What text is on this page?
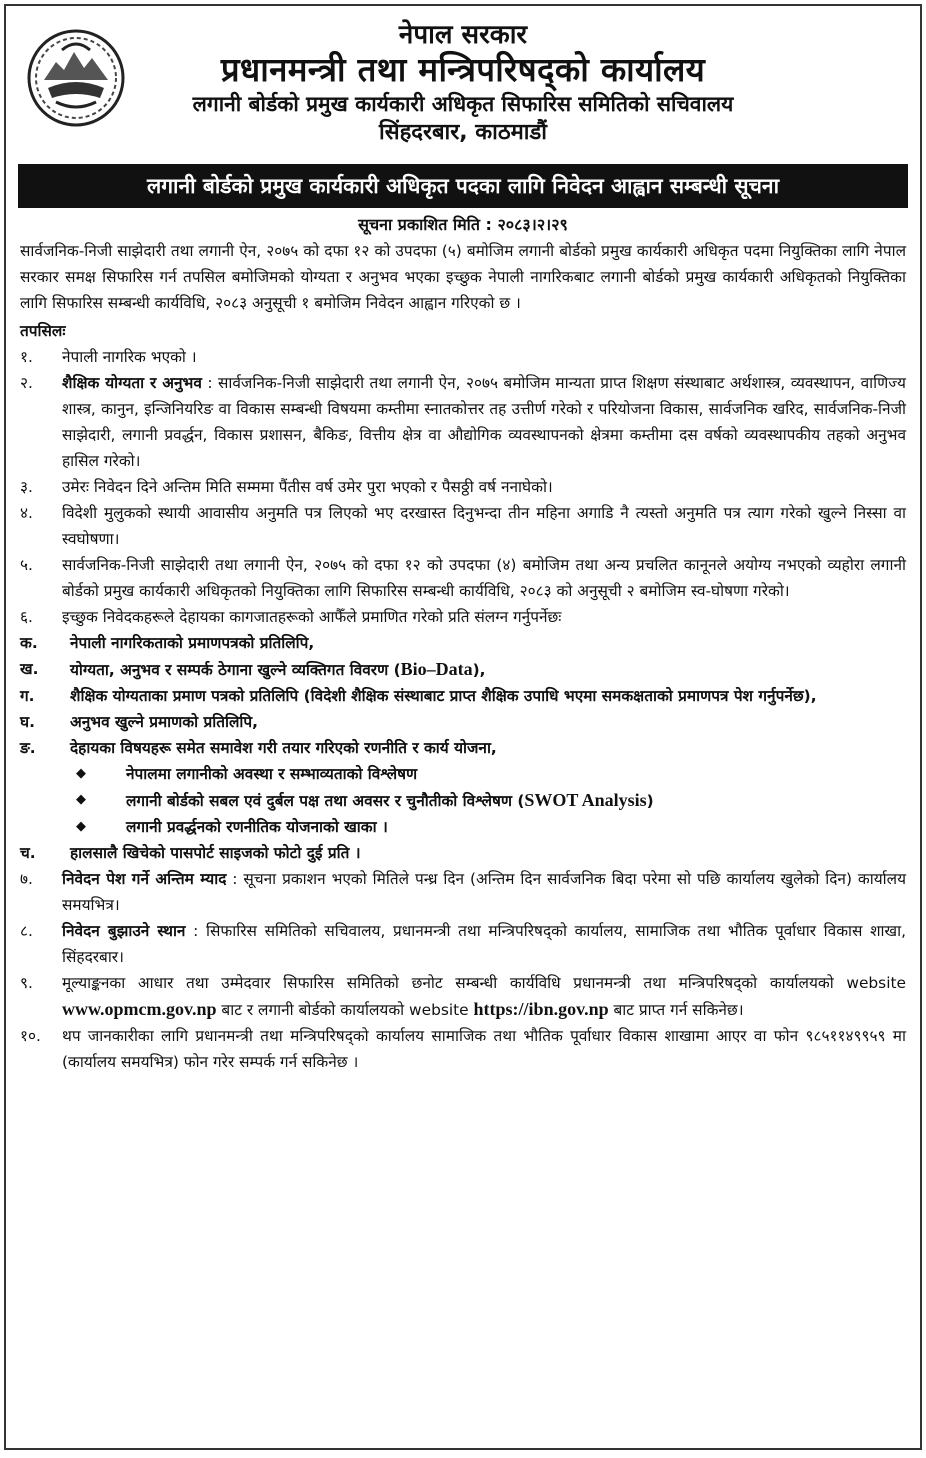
नेपाल सरकार
प्रधानमन्त्री तथा मन्त्रिपरिषद्को कार्यालय
लगानी बोर्डको प्रमुख कार्यकारी अधिकृत सिफारिस समितिको सचिवालय
सिंहदरबार, काठमाडौं
लगानी बोर्डको प्रमुख कार्यकारी अधिकृत पदका लागि निवेदन आह्वान सम्बन्धी सूचना
सूचना प्रकाशित मिति : २०८३।२।२९

सार्वजनिक-निजी साझेदारी तथा लगानी ऐन, २०७५ को दफा १२ को उपदफा (५) बमोजिम लगानी बोर्डको प्रमुख कार्यकारी अधिकृत पदमा नियुक्तिका लागि नेपाल सरकार समक्ष सिफारिस गर्न तपसिल बमोजिमको योग्यता र अनुभव भएका इच्छुक नेपाली नागरिकबाट लगानी बोर्डको प्रमुख कार्यकारी अधिकृतको नियुक्तिका लागि सिफारिस सम्बन्धी कार्यविधि, २०८३ अनुसूची १ बमोजिम निवेदन आह्वान गरिएको छ ।

तपसिलः
१. नेपाली नागरिक भएको ।
२. शैक्षिक योग्यता र अनुभव : सार्वजनिक-निजी साझेदारी तथा लगानी ऐन, २०७५ बमोजिम मान्यता प्राप्त शिक्षण संस्थाबाट अर्थशास्त्र, व्यवस्थापन, वाणिज्य शास्त्र, कानुन, इन्जिनियरिङ वा विकास सम्बन्धी विषयमा कम्तीमा स्नातकोत्तर तह उत्तीर्ण गरेको र परियोजना विकास, सार्वजनिक खरिद, सार्वजनिक-निजी साझेदारी, लगानी प्रवर्द्धन, विकास प्रशासन, बैकिङ, वित्तीय क्षेत्र वा औद्योगिक व्यवस्थापनको क्षेत्रमा कम्तीमा दस वर्षको व्यवस्थापकीय तहको अनुभव हासिल गरेको।
३. उमेरः निवेदन दिने अन्तिम मिति सम्ममा पैंतीस वर्ष उमेर पुरा भएको र पैसठ्ठी वर्ष ननाघेको।
४. विदेशी मुलुकको स्थायी आवासीय अनुमति पत्र लिएको भए दरखास्त दिनुभन्दा तीन महिना अगाडि नै त्यस्तो अनुमति पत्र त्याग गरेको खुल्ने निस्सा वा स्वघोषणा।
५. सार्वजनिक-निजी साझेदारी तथा लगानी ऐन, २०७५ को दफा १२ को उपदफा (४) बमोजिम तथा अन्य प्रचलित कानूनले अयोग्य नभएको व्यहोरा लगानी बोर्डको प्रमुख कार्यकारी अधिकृतको नियुक्तिका लागि सिफारिस सम्बन्धी कार्यविधि, २०८३ को अनुसूची २ बमोजिम स्व-घोषणा गरेको।
६. इच्छुक निवेदकहरूले देहायका कागजातहरूको आफैँले प्रमाणित गरेको प्रति संलग्न गर्नुपर्नेछः
क. नेपाली नागरिकताको प्रमाणपत्रको प्रतिलिपि,
ख. योग्यता, अनुभव र सम्पर्क ठेगाना खुल्ने व्यक्तिगत विवरण (Bio–Data),
ग. शैक्षिक योग्यताका प्रमाण पत्रको प्रतिलिपि (विदेशी शैक्षिक संस्थाबाट प्राप्त शैक्षिक उपाधि भएमा समकक्षताको प्रमाणपत्र पेश गर्नुपर्नेछ),
घ. अनुभव खुल्ने प्रमाणको प्रतिलिपि,
ङ. देहायका विषयहरू समेत समावेश गरी तयार गरिएको रणनीति र कार्य योजना,
◆	नेपालमा लगानीको अवस्था र सम्भाव्यताको विश्लेषण
◆	लगानी बोर्डको सबल एवं दुर्बल पक्ष तथा अवसर र चुनौतीको विश्लेषण (SWOT Analysis)
◆	लगानी प्रवर्द्धनको रणनीतिक योजनाको खाका ।
च. हालसालै खिचेको पासपोर्ट साइजको फोटो दुई प्रति ।
७. निवेदन पेश गर्ने अन्तिम म्याद : सूचना प्रकाशन भएको मितिले पन्ध्र दिन (अन्तिम दिन सार्वजनिक बिदा परेमा सो पछि कार्यालय खुलेको दिन) कार्यालय समयभित्र।
८. निवेदन बुझाउने स्थान : सिफारिस समितिको सचिवालय, प्रधानमन्त्री तथा मन्त्रिपरिषद्को कार्यालय, सामाजिक तथा भौतिक पूर्वाधार विकास शाखा, सिंहदरबार।
९. मूल्याङ्कनका आधार तथा उम्मेदवार सिफारिस समितिको छनोट सम्बन्धी कार्यविधि प्रधानमन्त्री तथा मन्त्रिपरिषद्को कार्यालयको website www.opmcm.gov.np बाट र लगानी बोर्डको कार्यालयको website https://ibn.gov.np बाट प्राप्त गर्न सकिनेछ।
१०. थप जानकारीका लागि प्रधानमन्त्री तथा मन्त्रिपरिषद्को कार्यालय सामाजिक तथा भौतिक पूर्वाधार विकास शाखामा आएर वा फोन ९८५११४९९५९ मा (कार्यालय समयभित्र) फोन गरेर सम्पर्क गर्न सकिनेछ ।
